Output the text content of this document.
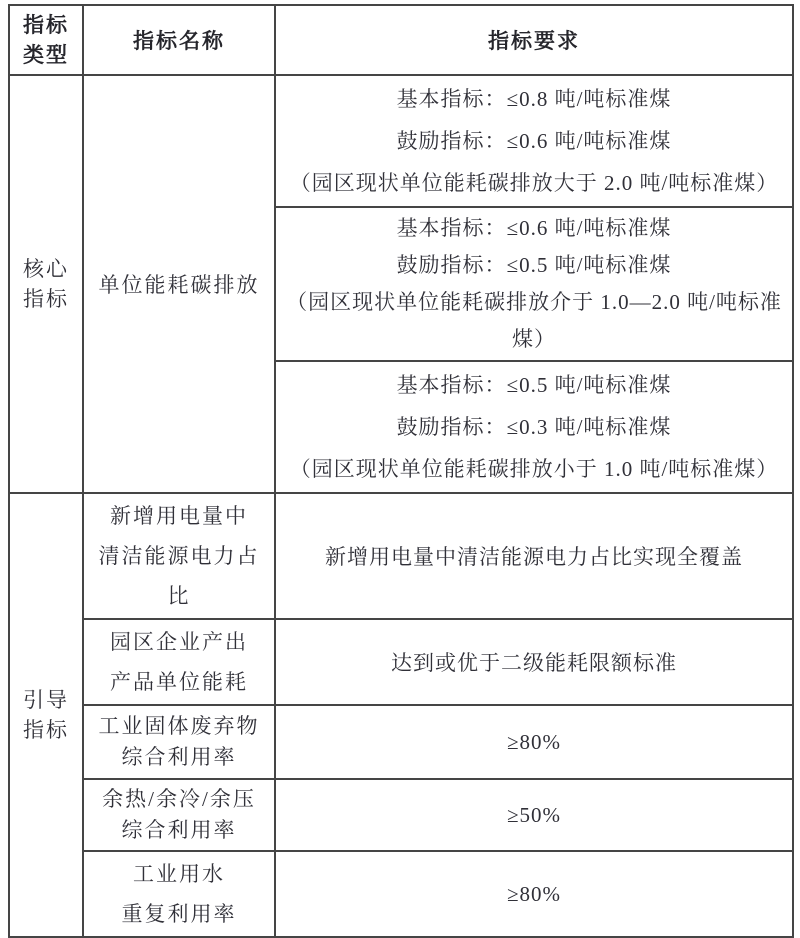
指标类型	指标名称	指标要求
核心指标	单位能耗碳排放	基本指标：≤0.8 吨/吨标准煤
鼓励指标：≤0.6 吨/吨标准煤
（园区现状单位能耗碳排放大于 2.0 吨/吨标准煤）

		基本指标：≤0.6 吨/吨标准煤
鼓励指标：≤0.5 吨/吨标准煤
（园区现状单位能耗碳排放介于 1.0—2.0 吨/吨标准煤）

		基本指标：≤0.5 吨/吨标准煤
鼓励指标：≤0.3 吨/吨标准煤
（园区现状单位能耗碳排放小于 1.0 吨/吨标准煤）

引导指标	新增用电量中
清洁能源电力占
比	新增用电量中清洁能源电力占比实现全覆盖

	园区企业产出
产品单位能耗	达到或优于二级能耗限额标准

	工业固体废弃物
综合利用率	≥80%

	余热/余冷/余压
综合利用率	≥50%

	工业用水
重复利用率	≥80%
